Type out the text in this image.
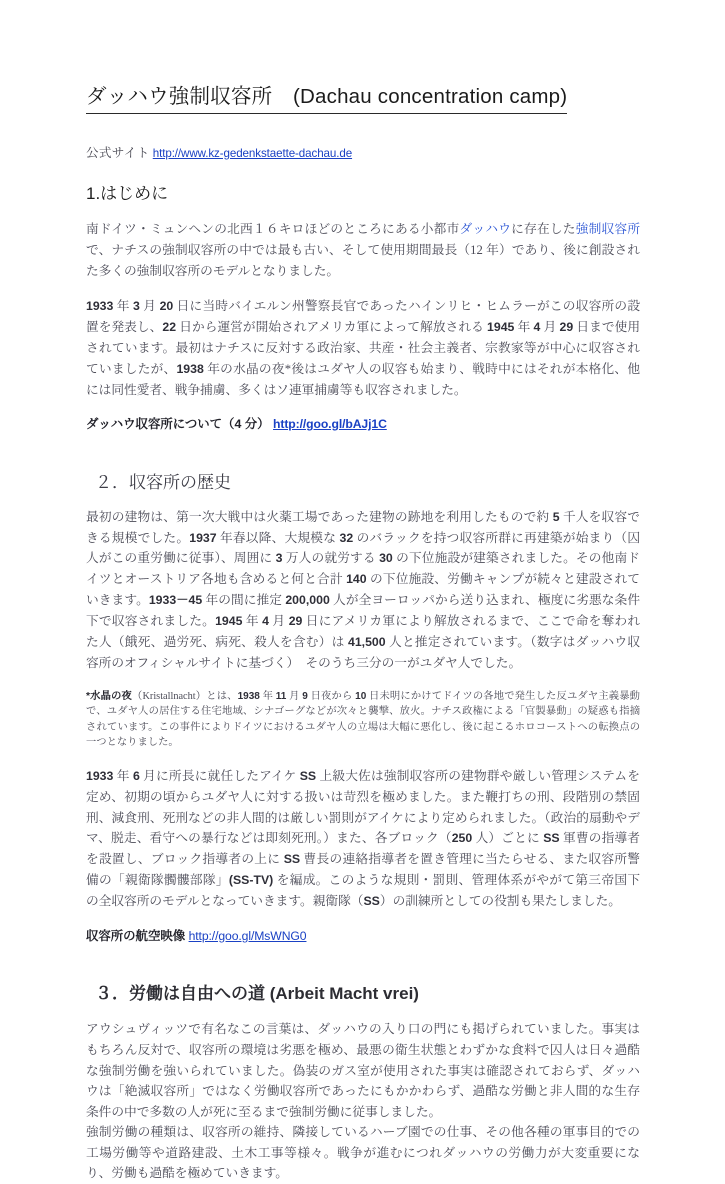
ダッハウ強制収容所　(Dachau concentration camp)

公式サイト http://www.kz-gedenkstaette-dachau.de

1.はじめに

南ドイツ・ミュンヘンの北西１６キロほどのところにある小都市ダッハウに存在した強制収容所で、ナチスの強制収容所の中では最も古い、そして使用期間最長（12 年）であり、後に創設された多くの強制収容所のモデルとなりました。

1933 年 3 月 20 日に当時バイエルン州警察長官であったハインリヒ・ヒムラーがこの収容所の設置を発表し、22 日から運営が開始されアメリカ軍によって解放される 1945 年 4 月 29 日まで使用されています。最初はナチスに反対する政治家、共産・社会主義者、宗教家等が中心に収容されていましたが、1938 年の水晶の夜*後はユダヤ人の収容も始まり、戦時中にはそれが本格化、他には同性愛者、戦争捕虜、多くはソ連軍捕虜等も収容されました。

ダッハウ収容所について（4 分） http://goo.gl/bAJj1C

２．収容所の歴史

最初の建物は、第一次大戦中は火薬工場であった建物の跡地を利用したもので約 5 千人を収容できる規模でした。1937 年春以降、大規模な 32 のバラックを持つ収容所群に再建築が始まり（囚人がこの重労働に従事）、周囲に 3 万人の就労する 30 の下位施設が建築されました。その他南ドイツとオーストリア各地も含めると何と合計 140 の下位施設、労働キャンプが続々と建設されていきます。1933－45 年の間に推定 200,000 人が全ヨーロッパから送り込まれ、極度に劣悪な条件下で収容されました。1945 年 4 月 29 日にアメリカ軍により解放されるまで、ここで命を奪われた人（餓死、過労死、病死、殺人を含む）は 41,500 人と推定されています。（数字はダッハウ収容所のオフィシャルサイトに基づく）　そのうち三分の一がユダヤ人でした。

*水晶の夜（Kristallnacht）とは、1938 年 11 月 9 日夜から 10 日未明にかけてドイツの各地で発生した反ユダヤ主義暴動で、ユダヤ人の居住する住宅地域、シナゴーグなどが次々と襲撃、放火。ナチス政権による「官製暴動」の疑惑も指摘されています。この事件によりドイツにおけるユダヤ人の立場は大幅に悪化し、後に起こるホロコーストへの転換点の一つとなりました。

1933 年 6 月に所長に就任したアイケ SS 上級大佐は強制収容所の建物群や厳しい管理システムを定め、初期の頃からユダヤ人に対する扱いは苛烈を極めました。また鞭打ちの刑、段階別の禁固刑、減食刑、死刑などの非人間的は厳しい罰則がアイケにより定められました。（政治的扇動やデマ、脱走、看守への暴行などは即刻死刑。）また、各ブロック（250 人）ごとに SS 軍曹の指導者を設置し、ブロック指導者の上に SS 曹長の連絡指導者を置き管理に当たらせる、また収容所警備の「親衛隊髑髏部隊」(SS-TV) を編成。このような規則・罰則、管理体系がやがて第三帝国下の全収容所のモデルとなっていきます。親衛隊（SS）の訓練所としての役割も果たしました。

収容所の航空映像 http://goo.gl/MsWNG0

３．労働は自由への道 (Arbeit Macht vrei)

アウシュヴィッツで有名なこの言葉は、ダッハウの入り口の門にも掲げられていました。事実はもちろん反対で、収容所の環境は劣悪を極め、最悪の衛生状態とわずかな食料で囚人は日々過酷な強制労働を強いられていました。偽装のガス室が使用された事実は確認されておらず、ダッハウは「絶滅収容所」ではなく労働収容所であったにもかかわらず、過酷な労働と非人間的な生存条件の中で多数の人が死に至るまで強制労働に従事しました。

強制労働の種類は、収容所の維持、隣接しているハーブ園での仕事、その他各種の軍事目的での工場労働等や道路建設、土木工事等様々。戦争が進むにつれダッハウの労働力が大変重要になり、労働も過酷を極めていきます。
